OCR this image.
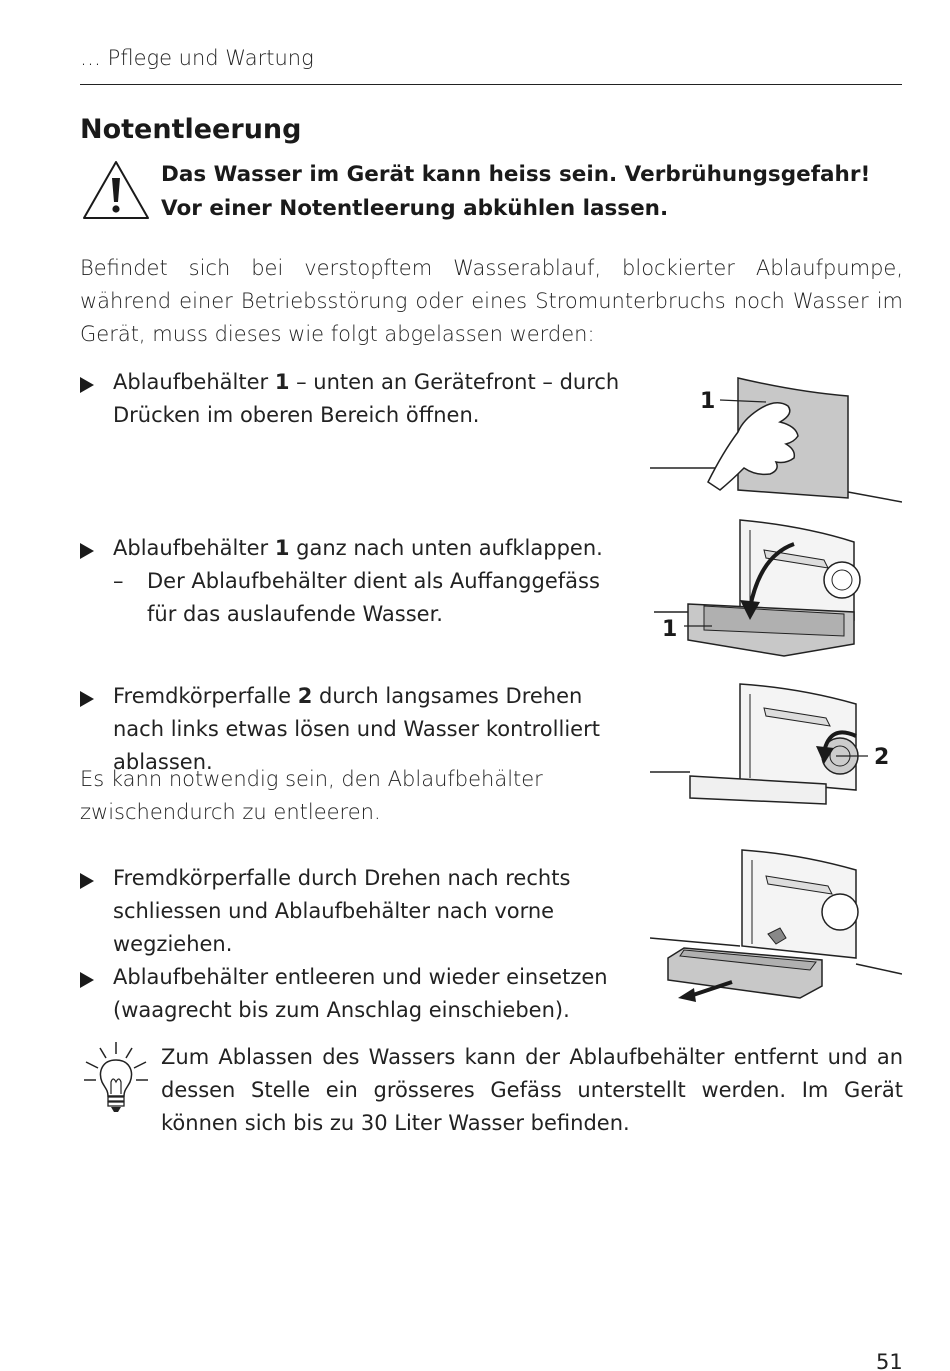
… Pflege und Wartung
Notentleerung
Das Wasser im Gerät kann heiss sein. Verbrühungsgefahr!
Vor einer Notentleerung abkühlen lassen.

Befindet sich bei verstopftem Wasserablauf, blockierter Ablaufpumpe, während einer Betriebsstörung oder eines Stromunterbruchs noch Wasser im Gerät, muss dieses wie folgt abgelassen werden:

Ablaufbehälter 1 – unten an Gerätefront – durch Drücken im oberen Bereich öffnen.
Ablaufbehälter 1 ganz nach unten aufklappen.
– Der Ablaufbehälter dient als Auffanggefäss für das auslaufende Wasser.
Fremdkörperfalle 2 durch langsames Drehen nach links etwas lösen und Wasser kontrolliert ablassen.

Es kann notwendig sein, den Ablaufbehälter zwischendurch zu entleeren.

Fremdkörperfalle durch Drehen nach rechts schliessen und Ablaufbehälter nach vorne wegziehen.
Ablaufbehälter entleeren und wieder einsetzen (waagrecht bis zum Anschlag einschieben).
1
1
2

Zum Ablassen des Wassers kann der Ablaufbehälter entfernt und an dessen Stelle ein grösseres Gefäss unterstellt werden. Im Gerät können sich bis zu 30 Liter Wasser befinden.

51
